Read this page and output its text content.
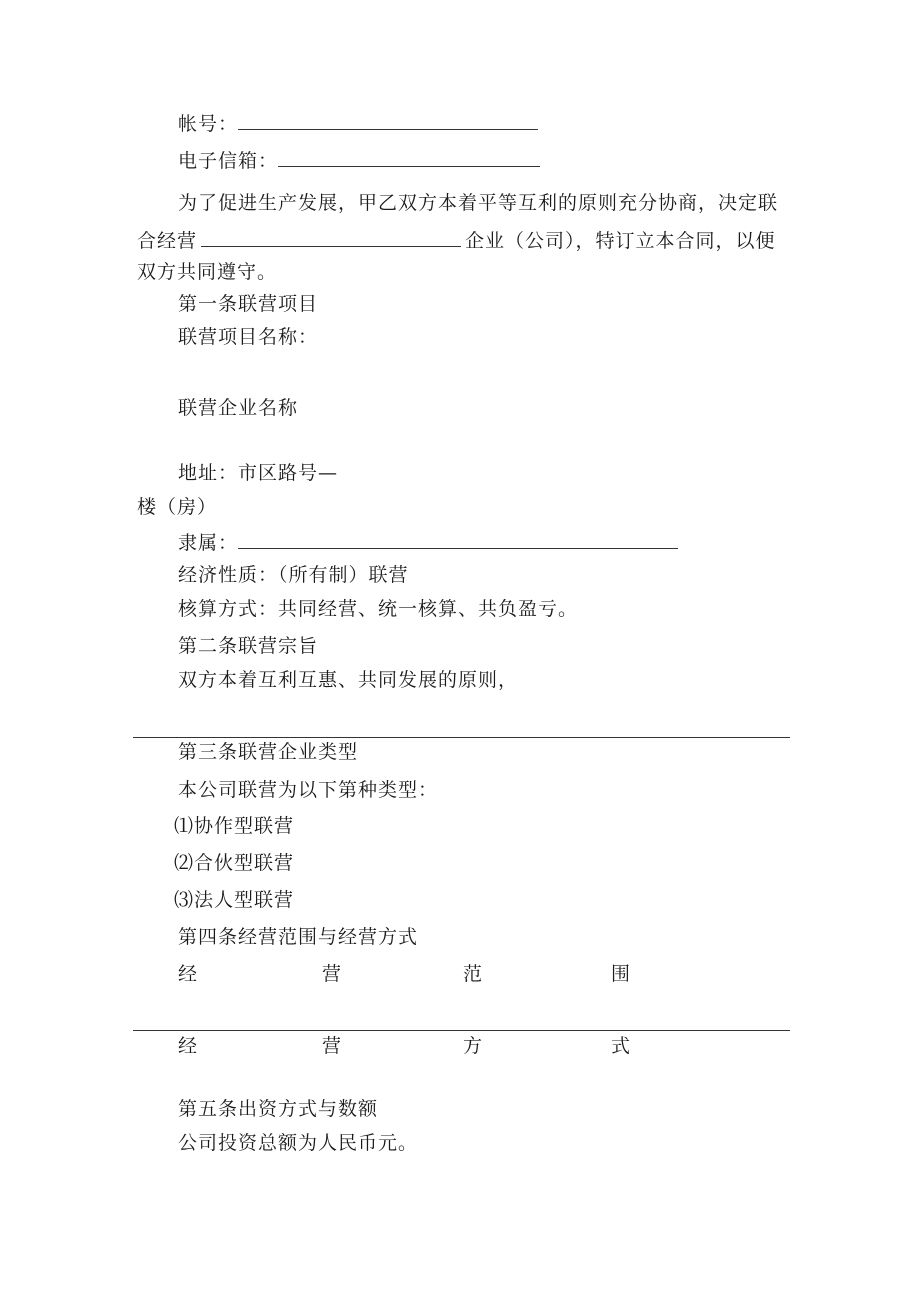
帐号：
电子信箱：
为了促进生产发展，甲乙双方本着平等互利的原则充分协商，决定联
合经营	企业（公司），特订立本合同，以便
双方共同遵守。
第一条联营项目
联营项目名称：
联营企业名称
地址：市区路号—
楼（房）
隶属：
经济性质：（所有制）联营
核算方式：共同经营、统一核算、共负盈亏。
第二条联营宗旨
双方本着互利互惠、共同发展的原则，
第三条联营企业类型
本公司联营为以下第种类型：
⑴协作型联营
⑵合伙型联营
⑶法人型联营
第四条经营范围与经营方式
经	营	范	围
经	营	方	式
第五条出资方式与数额
公司投资总额为人民币元。
